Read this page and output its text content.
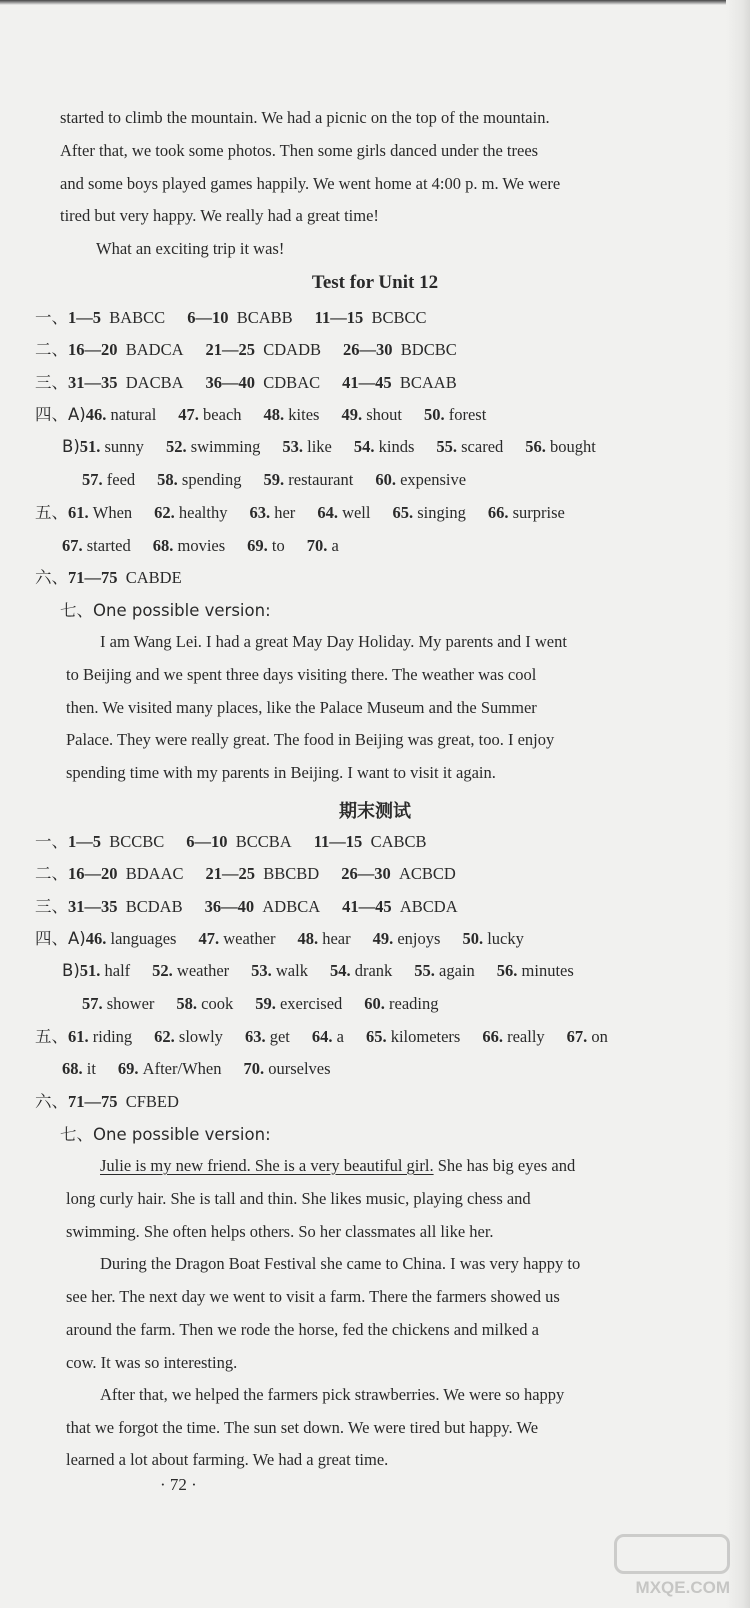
started to climb the mountain. We had a picnic on the top of the mountain.
After that, we took some photos. Then some girls danced under the trees
and some boys played games happily. We went home at 4:00 p. m. We were
tired but very happy. We really had a great time!
What an exciting trip it was!
Test for Unit 12
一、1—5  BABCC 6—10  BCABB 11—15  BCBCC
二、16—20  BADCA 21—25  CDADB 26—30  BDCBC
三、31—35  DACBA 36—40  CDBAC 41—45  BCAAB
四、A)46. natural 47. beach 48. kites 49. shout 50. forest
B)51. sunny 52. swimming 53. like 54. kinds 55. scared 56. bought
57. feed 58. spending 59. restaurant 60. expensive
五、61. When 62. healthy 63. her 64. well 65. singing 66. surprise
67. started 68. movies 69. to 70. a
六、71—75  CABDE
七、One possible version:
I am Wang Lei. I had a great May Day Holiday. My parents and I went
to Beijing and we spent three days visiting there. The weather was cool
then. We visited many places, like the Palace Museum and the Summer
Palace. They were really great. The food in Beijing was great, too. I enjoy
spending time with my parents in Beijing. I want to visit it again.
期末测试
一、1—5  BCCBC 6—10  BCCBA 11—15  CABCB
二、16—20  BDAAC 21—25  BBCBD 26—30  ACBCD
三、31—35  BCDAB 36—40  ADBCA 41—45  ABCDA
四、A)46. languages 47. weather 48. hear 49. enjoys 50. lucky
B)51. half 52. weather 53. walk 54. drank 55. again 56. minutes
57. shower 58. cook 59. exercised 60. reading
五、61. riding 62. slowly 63. get 64. a 65. kilometers 66. really 67. on
68. it 69. After/When 70. ourselves
六、71—75  CFBED
七、One possible version:
Julie is my new friend. She is a very beautiful girl. She has big eyes and
long curly hair. She is tall and thin. She likes music, playing chess and
swimming. She often helps others. So her classmates all like her.
During the Dragon Boat Festival she came to China. I was very happy to
see her. The next day we went to visit a farm. There the farmers showed us
around the farm. Then we rode the horse, fed the chickens and milked a
cow. It was so interesting.
After that, we helped the farmers pick strawberries. We were so happy
that we forgot the time. The sun set down. We were tired but happy. We
learned a lot about farming. We had a great time.
· 72 ·
MXQE.COM
